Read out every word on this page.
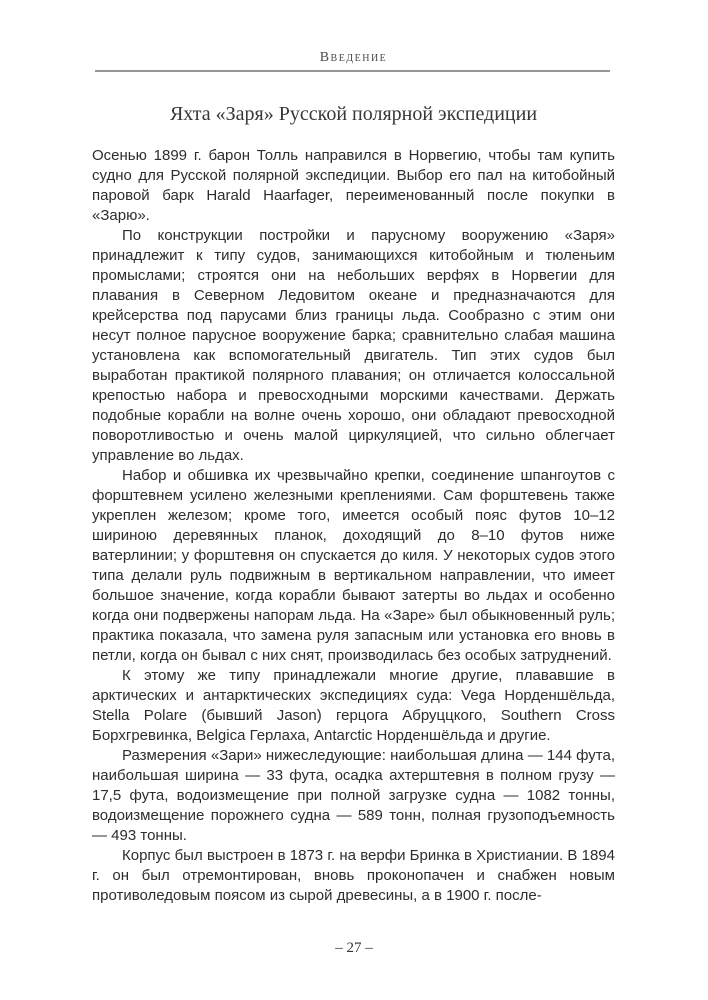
Введение
Яхта «Заря» Русской полярной экспедиции

Осенью 1899 г. барон Толль направился в Норвегию, чтобы там купить судно для Русской полярной экспедиции. Выбор его пал на китобойный паровой барк Harald Haarfager, переименованный после покупки в «Зарю».

По конструкции постройки и парусному вооружению «Заря» принадлежит к типу судов, занимающихся китобойным и тюленьим промыслами; строятся они на небольших верфях в Норвегии для плавания в Северном Ледовитом океане и предназначаются для крейсерства под парусами близ границы льда. Сообразно с этим они несут полное парусное вооружение барка; сравнительно слабая машина установлена как вспомогательный двигатель. Тип этих судов был выработан практикой полярного плавания; он отличается колоссальной крепостью набора и превосходными морскими качествами. Держать подобные корабли на волне очень хорошо, они обладают превосходной поворотливостью и очень малой циркуляцией, что сильно облегчает управление во льдах.

Набор и обшивка их чрезвычайно крепки, соединение шпангоутов с форштевнем усилено железными креплениями. Сам форштевень также укреплен железом; кроме того, имеется особый пояс футов 10–12 шириною деревянных планок, доходящий до 8–10 футов ниже ватерлинии; у форштевня он спускается до киля. У некоторых судов этого типа делали руль подвижным в вертикальном направлении, что имеет большое значение, когда корабли бывают затерты во льдах и особенно когда они подвержены напорам льда. На «Заре» был обыкновенный руль; практика показала, что замена руля запасным или установка его вновь в петли, когда он бывал с них снят, производилась без особых затруднений.

К этому же типу принадлежали многие другие, плававшие в арктических и антарктических экспедициях суда: Vega Норденшёльда, Stella Polare (бывший Jason) герцога Абруццкого, Southern Cross Борхгревинка, Belgica Герлаха, Antarctic Норденшёльда и другие.

Размерения «Зари» нижеследующие: наибольшая длина — 144 фута, наибольшая ширина — 33 фута, осадка ахтерштевня в полном грузу — 17,5 фута, водоизмещение при полной загрузке судна — 1082 тонны, водоизмещение порожнего судна — 589 тонн, полная грузоподъемность — 493 тонны.

Корпус был выстроен в 1873 г. на верфи Бринка в Христиании. В 1894 г. он был отремонтирован, вновь проконопачен и снабжен новым противоледовым поясом из сырой древесины, а в 1900 г. после-

– 27 –
